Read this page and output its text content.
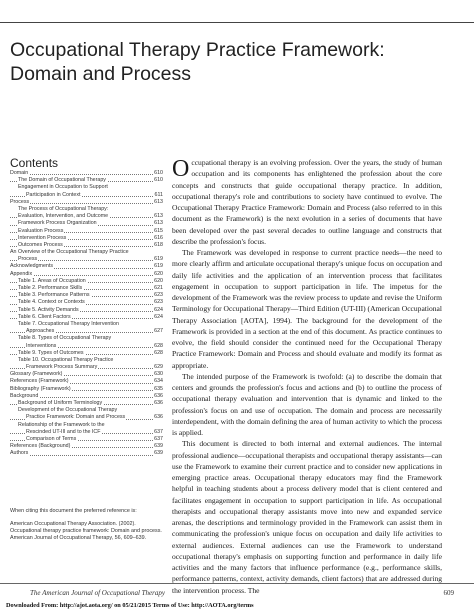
Occupational Therapy Practice Framework:
Domain and Process
Contents
Domain	610
The Domain of Occupational Therapy	610
Engagement in Occupation to Support
Participation in Context	611
Process	613
The Process of Occupational Therapy:
Evaluation, Intervention, and Outcome	613
Framework Process Organization	613
Evaluation Process	615
Intervention Process	616
Outcomes Process	618
An Overview of the Occupational Therapy Practice
Process	619
Acknowledgments	619
Appendix	620
Table 1. Areas of Occupation	620
Table 2. Performance Skills	621
Table 3. Performance Patterns	623
Table 4. Context or Contexts	623
Table 5. Activity Demands	624
Table 6. Client Factors	624
Table 7. Occupational Therapy Intervention
Approaches	627
Table 8. Types of Occupational Therapy
Interventions	628
Table 9. Types of Outcomes	628
Table 10. Occupational Therapy Practice
Framework Process Summary	629
Glossary (Framework)	630
References (Framework)	634
Bibliography (Framework)	635
Background	636
Background of Uniform Terminology	636
Development of the Occupational Therapy
Practice Framework: Domain and Process	636
Relationship of the Framework to the
Rescinded UT-III and to the ICF	637
Comparison of Terms	637
References (Background)	639
Authors	639

When citing this document the preferred reference is:

American Occupational Therapy Association. (2002). Occupational therapy practice framework: Domain and process. American Journal of Occupational Therapy, 56, 609–639.

Occupational therapy is an evolving profession. Over the years, the study of human occupation and its components has enlightened the profession about the core concepts and constructs that guide occupational therapy practice. In addition, occupational therapy's role and contributions to society have continued to evolve. The Occupational Therapy Practice Framework: Domain and Process (also referred to in this document as the Framework) is the next evolution in a series of documents that have been developed over the past several decades to outline language and constructs that describe the profession's focus.

The Framework was developed in response to current practice needs—the need to more clearly affirm and articulate occupational therapy's unique focus on occupation and daily life activities and the application of an intervention process that facilitates engagement in occupation to support participation in life. The impetus for the development of the Framework was the review process to update and revise the Uniform Terminology for Occupational Therapy—Third Edition (UT-III) (American Occupational Therapy Association [AOTA], 1994). The background for the development of the Framework is provided in a section at the end of this document. As practice continues to evolve, the field should consider the continued need for the Occupational Therapy Practice Framework: Domain and Process and should evaluate and modify its format as appropriate.

The intended purpose of the Framework is twofold: (a) to describe the domain that centers and grounds the profession's focus and actions and (b) to outline the process of occupational therapy evaluation and intervention that is dynamic and linked to the profession's focus on and use of occupation. The domain and process are necessarily interdependent, with the domain defining the area of human activity to which the process is applied.

This document is directed to both internal and external audiences. The internal professional audience—occupational therapists and occupational therapy assistants—can use the Framework to examine their current practice and to consider new applications in emerging practice areas. Occupational therapy educators may find the Framework helpful in teaching students about a process delivery model that is client centered and facilitates engagement in occupation to support participation in life. As occupational therapists and occupational therapy assistants move into new and expanded service arenas, the descriptions and terminology provided in the Framework can assist them in communicating the profession's unique focus on occupation and daily life activities to external audiences. External audiences can use the Framework to understand occupational therapy's emphasis on supporting function and performance in daily life activities and the many factors that influence performance (e.g., performance skills, performance patterns, context, activity demands, client factors) that are addressed during the intervention process. The

The American Journal of Occupational Therapy	609
Downloaded From: http://ajot.aota.org/ on 05/21/2015 Terms of Use: http://AOTA.org/terms
